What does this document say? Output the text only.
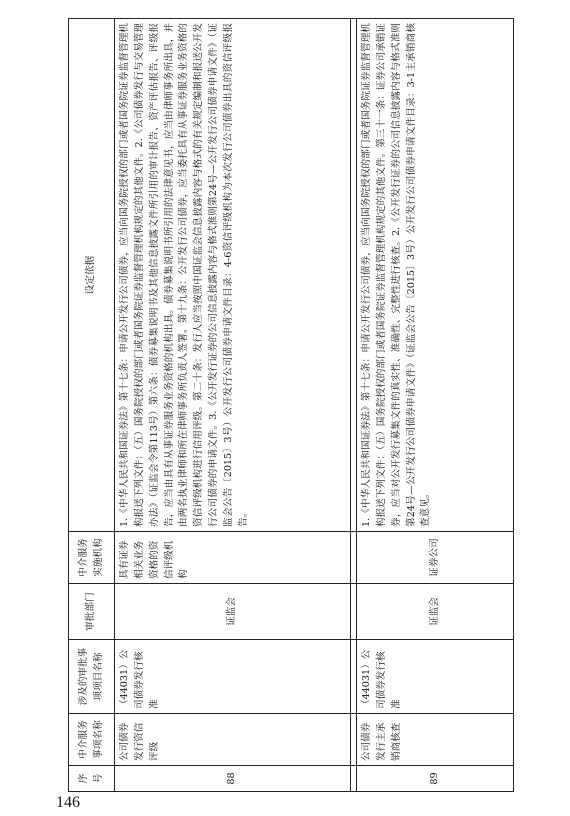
序号	中介服务事项名称	涉及的审批事项项目名称	审批部门	中介服务实施机构	设定依据
88	公司债券发行资信评级	（44031）公司债券发行核准	证监会	具有证券相关业务资格的资信评级机构	1.《中华人民共和国证券法》第十七条：申请公开发行公司债券，应当向国务院授权的部门或者国务院证券监督管理机构报送下列文件：（五）国务院授权的部门或者国务院证券监督管理机构规定的其他文件。2.《公司债券发行与交易管理办法》（证监会令第113号）第六条：债券募集说明书及其他信息披露文件所引用的审计报告、资产评估报告、评级报告，应当由具有从事证券服务业务资格的机构出具。债券募集说明书所引用的法律意见书，应当由律师事务所出具，并由两名执业律师和所在律师事务所负责人签署。第十九条：公开发行公司债券，应当委托具有从事证券服务业务资格的资信评级机构进行信用评级。第二十条：发行人应当按照中国证监会信息披露内容与格式的有关规定编制和报送公开发行公司债券的申请文件。3.《公开发行证券的公司信息披露内容与格式准则第24号—公开发行公司债券申请文件》（证监会公告〔2015〕3号）公开发行公司债券申请文件目录：4-6资信评级机构为本次发行公司债券出具的资信评级报告。

89	公司债券发行主承销商核查	（44031）公司债券发行核准	证监会	证券公司	1.《中华人民共和国证券法》第十七条：申请公开发行公司债券，应当向国务院授权的部门或者国务院证券监督管理机构报送下列文件：（五）国务院授权的部门或者国务院证券监督管理机构规定的其他文件。第三十一条：证券公司承销证券，应当对公开发行募集文件的真实性、准确性、完整性进行核查。2.《公开发行证券的公司信息披露内容与格式准则第24号—公开发行公司债券申请文件》（证监会公告〔2015〕3号）公开发行公司债券申请文件目录：3-1主承销商核查意见。
146
